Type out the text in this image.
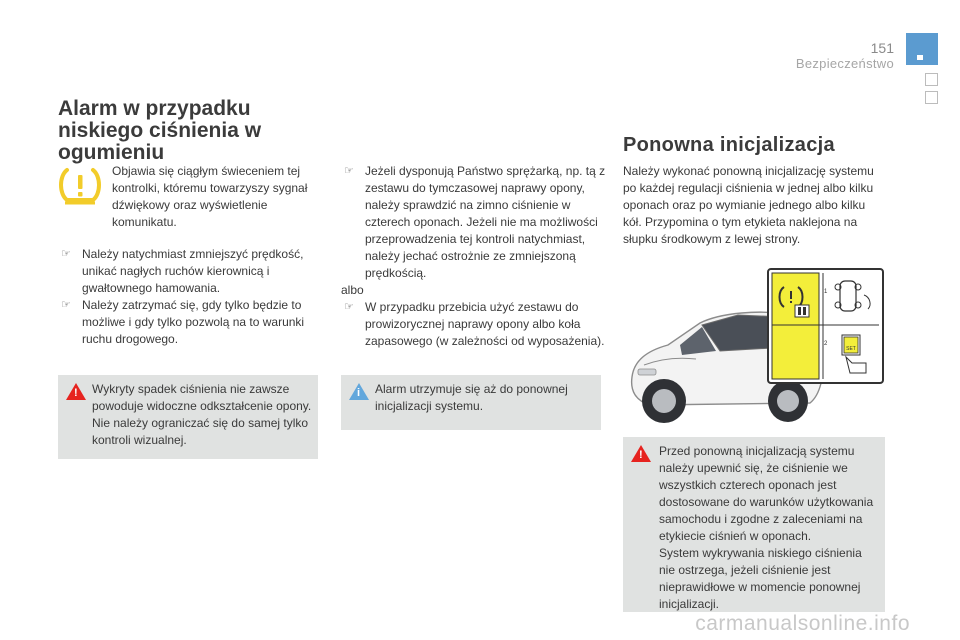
151
Bezpieczeństwo
Alarm w przypadku niskiego ciśnienia w ogumieniu
Objawia się ciągłym świeceniem tej kontrolki, któremu towarzyszy sygnał dźwiękowy oraz wyświetlenie komunikatu.
☞ Należy natychmiast zmniejszyć prędkość, unikać nagłych ruchów kierownicą i gwałtownego hamowania.
☞ Należy zatrzymać się, gdy tylko będzie to możliwe i gdy tylko pozwolą na to warunki ruchu drogowego.
! Wykryty spadek ciśnienia nie zawsze powoduje widoczne odkształcenie opony. Nie należy ograniczać się do samej tylko kontroli wizualnej.
☞ Jeżeli dysponują Państwo sprężarką, np. tą z zestawu do tymczasowej naprawy opony, należy sprawdzić na zimno ciśnienie w czterech oponach. Jeżeli nie ma możliwości przeprowadzenia tej kontroli natychmiast, należy jechać ostrożnie ze zmniejszoną prędkością.
albo
☞ W przypadku przebicia użyć zestawu do prowizorycznej naprawy opony albo koła zapasowego (w zależności od wyposażenia).
i Alarm utrzymuje się aż do ponownej inicjalizacji systemu.
Ponowna inicjalizacja
Należy wykonać ponowną inicjalizację systemu po każdej regulacji ciśnienia w jednej albo kilku oponach oraz po wymianie jednego albo kilku kół. Przypomina o tym etykieta naklejona na słupku środkowym z lewej strony.
SET
1
2
! Przed ponowną inicjalizacją systemu należy upewnić się, że ciśnienie we wszystkich czterech oponach jest dostosowane do warunków użytkowania samochodu i zgodne z zaleceniami na etykiecie ciśnień w oponach.
System wykrywania niskiego ciśnienia nie ostrzega, jeżeli ciśnienie jest nieprawidłowe w momencie ponownej inicjalizacji.
carmanualsonline.info
